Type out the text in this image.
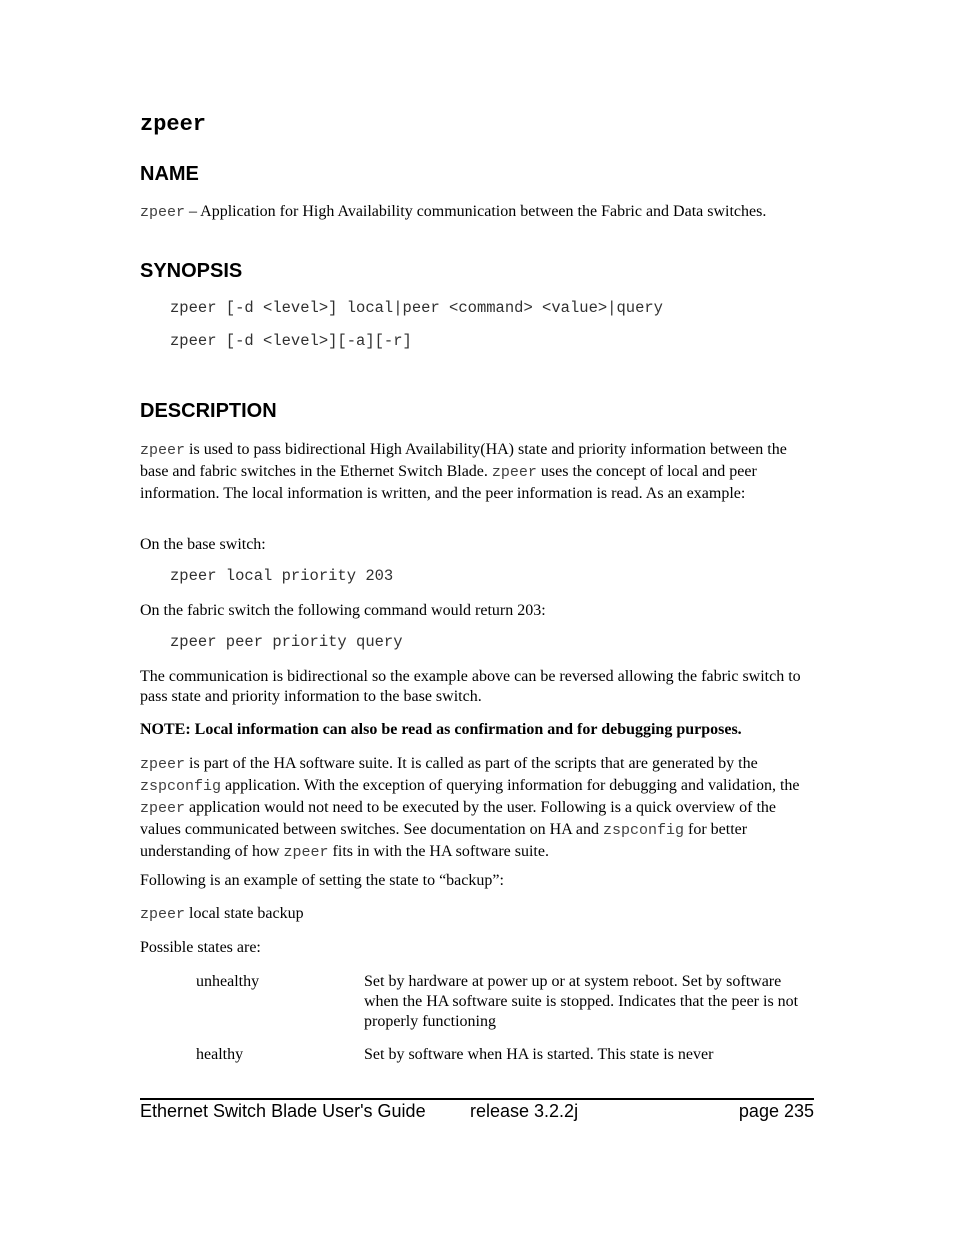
zpeer
NAME

zpeer – Application for High Availability communication between the Fabric and Data switches.

SYNOPSIS
zpeer [-d <level>] local|peer <command> <value>|query
zpeer [-d <level>][-a][-r]
DESCRIPTION

zpeer is used to pass bidirectional High Availability(HA) state and priority information between the base and fabric switches in the Ethernet Switch Blade. zpeer uses the concept of local and peer information. The local information is written, and the peer information is read. As an example:

On the base switch:

zpeer local priority 203

On the fabric switch the following command would return 203:

zpeer peer priority query

The communication is bidirectional so the example above can be reversed allowing the fabric switch to pass state and priority information to the base switch.

NOTE: Local information can also be read as confirmation and for debugging purposes.

zpeer is part of the HA software suite. It is called as part of the scripts that are generated by the zspconfig application. With the exception of querying information for debugging and validation, the zpeer application would not need to be executed by the user. Following is a quick overview of the values communicated between switches. See documentation on HA and zspconfig for better understanding of how zpeer fits in with the HA software suite.

Following is an example of setting the state to “backup”:

zpeer local state backup

Possible states are:

unhealthy	Set by hardware at power up or at system reboot. Set by software when the HA software suite is stopped. Indicates that the peer is not properly functioning
healthy	Set by software when HA is started. This state is never
Ethernet Switch Blade User's Guide release 3.2.2j	page 235
